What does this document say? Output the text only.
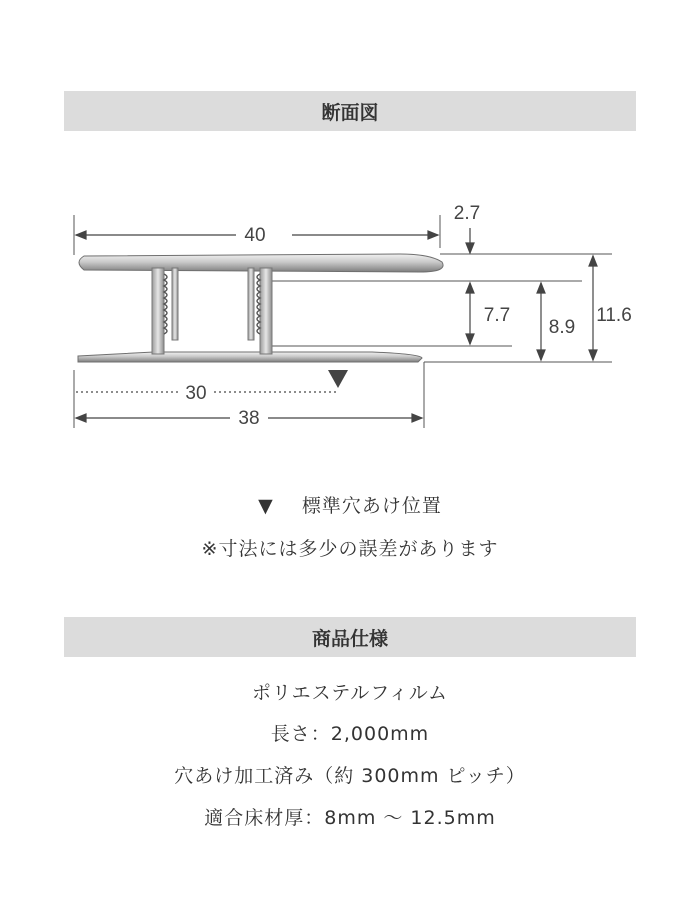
断面図
40
2.7
7.7
8.9
11.6
30
38
▼ 標準穴あけ位置
※寸法には多少の誤差があります
商品仕様
ポリエステルフィルム
長さ：2,000mm
穴あけ加工済み（約 300mm ピッチ）
適合床材厚：8mm ～ 12.5mm
